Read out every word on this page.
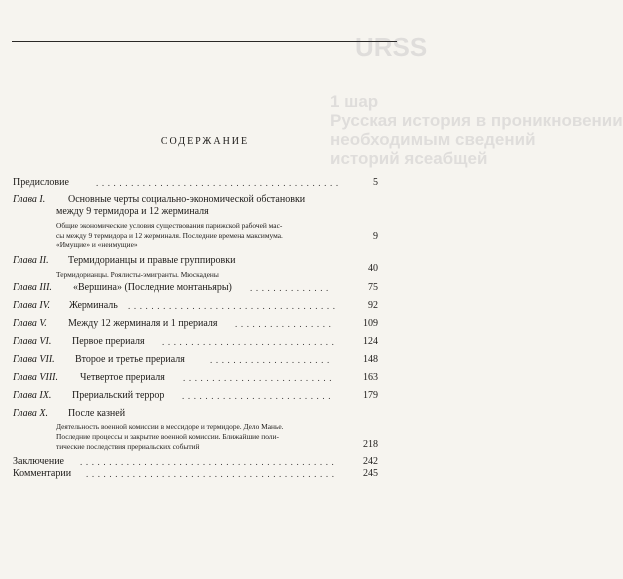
URSS
1 шар
Русская история в проникновении
необходимым сведений
историй ясеабщей
СОДЕРЖАНИЕ
Предисловие	..........................................	5
Глава I. Основные черты социально-экономической обстановки
между 9 термидора и 12 жерминаля
Общие экономические условия существования парижской рабочей мас-
сы между 9 термидора и 12 жерминаля. Последние времена максимума.
«Имущие» и «неимущие»
9
Глава II. Термидорианцы и правые группировки
Термидорианцы. Роялисты-эмигранты. Мюскадены
40
Глава III. «Вершина» (Последние монтаньяры) ..............	75
Глава IV. Жерминаль ....................................	92
Глава V. Между 12 жерминаля и 1 прериаля .................	109
Глава VI. Первое прериаля ..............................	124
Глава VII. Второе и третье прериаля	.....................	148
Глава VIII. Четвертое прериаля ..........................	163
Глава IX. Прериальский террор ..........................	179
Глава X. После казней
Деятельность военной комиссии в мессидоре и термидоре. Дело Манье.
Последние процессы и закрытие военной комиссии. Ближайшие поли-
тические последствия прериальских событий	218
Заключение ............................................	242
Комментарии ...........................................	245
